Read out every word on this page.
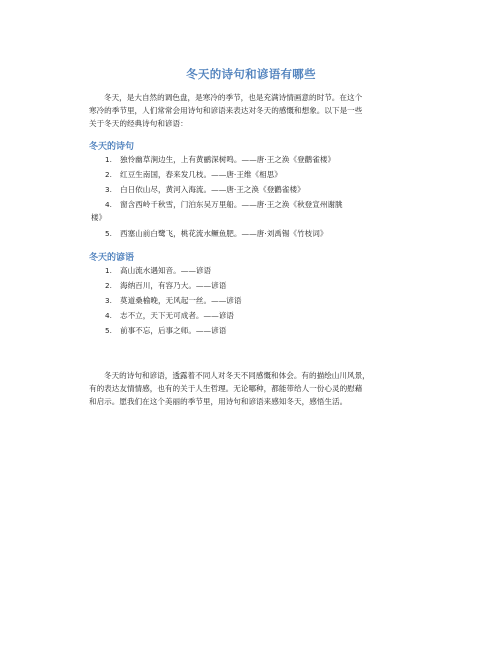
冬天的诗句和谚语有哪些
冬天，是大自然的调色盘，是寒冷的季节，也是充满诗情画意的时节。在这个
寒冷的季节里，人们常常会用诗句和谚语来表达对冬天的感慨和想象。以下是一些
关于冬天的经典诗句和谚语：
冬天的诗句
1.	独怜幽草涧边生，上有黄鹂深树鸣。——唐·王之涣《登鹳雀楼》
2.	红豆生南国，春来发几枝。——唐·王维《相思》
3.	白日依山尽，黄河入海流。——唐·王之涣《登鹳雀楼》
4.	窗含西岭千秋雪，门泊东吴万里船。——唐·王之涣《秋登宣州谢朓
楼》
5.	西塞山前白鹭飞，桃花流水鳜鱼肥。——唐·刘禹锡《竹枝词》
冬天的谚语
1.	高山流水遇知音。——谚语
2.	海纳百川，有容乃大。——谚语
3.	莫道桑榆晚，无风起一丝。——谚语
4.	志不立，天下无可成者。——谚语
5.	前事不忘，后事之师。——谚语
冬天的诗句和谚语，透露着不同人对冬天不同感慨和体会。有的描绘山川风景，
有的表达友情情感，也有的关于人生哲理。无论哪种，都能带给人一份心灵的慰藉
和启示。愿我们在这个美丽的季节里，用诗句和谚语来感知冬天，感悟生活。
